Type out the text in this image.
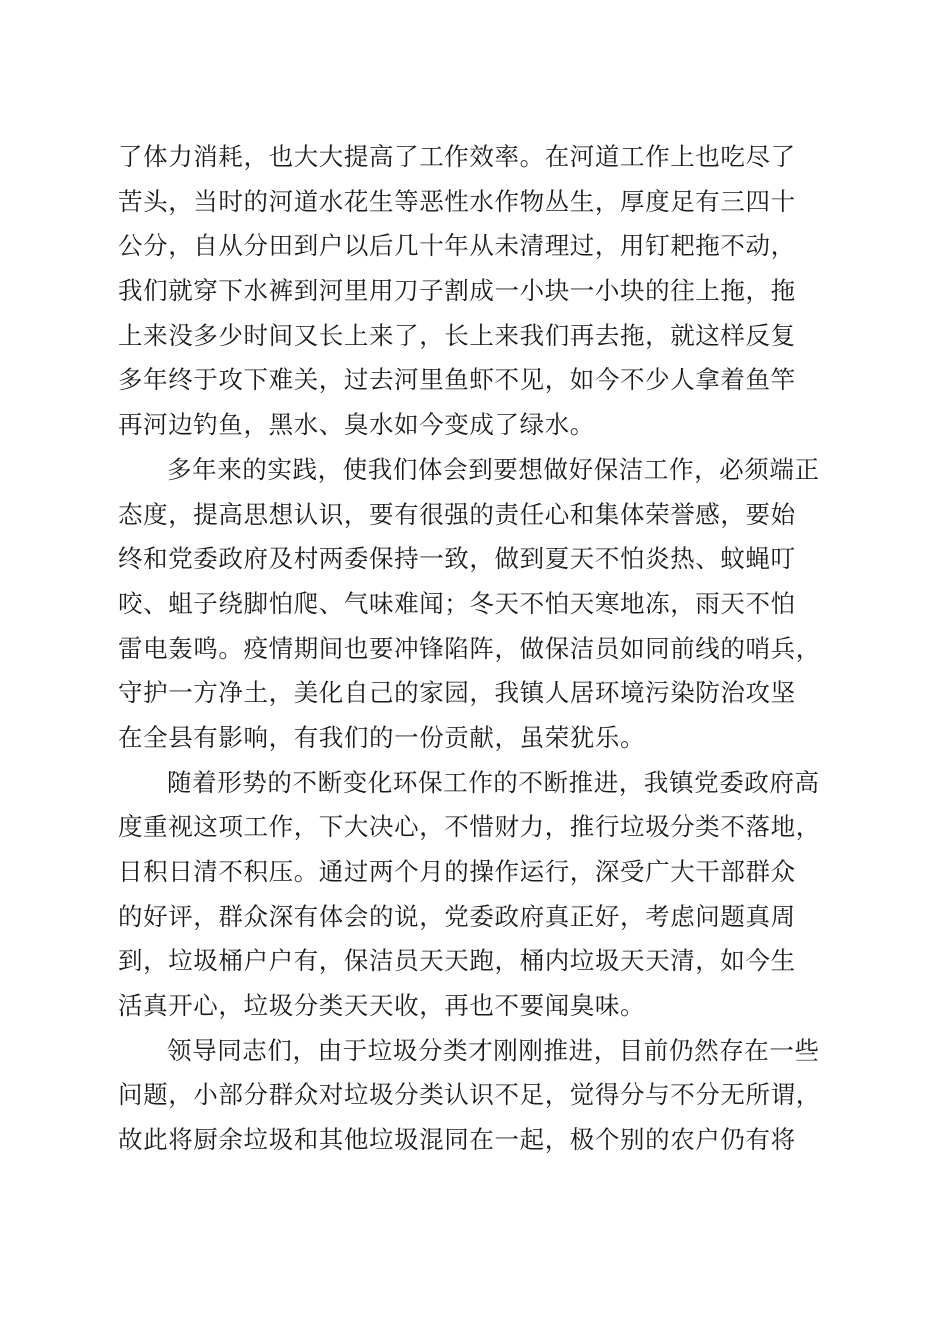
了体力消耗，也大大提高了工作效率。在河道工作上也吃尽了
苦头，当时的河道水花生等恶性水作物丛生，厚度足有三四十
公分，自从分田到户以后几十年从未清理过，用钉耙拖不动，
我们就穿下水裤到河里用刀子割成一小块一小块的往上拖，拖
上来没多少时间又长上来了，长上来我们再去拖，就这样反复
多年终于攻下难关，过去河里鱼虾不见，如今不少人拿着鱼竿
再河边钓鱼，黑水、臭水如今变成了绿水。
多年来的实践，使我们体会到要想做好保洁工作，必须端正
态度，提高思想认识，要有很强的责任心和集体荣誉感，要始
终和党委政府及村两委保持一致，做到夏天不怕炎热、蚊蝇叮
咬、蛆子绕脚怕爬、气味难闻；冬天不怕天寒地冻，雨天不怕
雷电轰鸣。疫情期间也要冲锋陷阵，做保洁员如同前线的哨兵，
守护一方净土，美化自己的家园，我镇人居环境污染防治攻坚
在全县有影响，有我们的一份贡献，虽荣犹乐。
随着形势的不断变化环保工作的不断推进，我镇党委政府高
度重视这项工作，下大决心，不惜财力，推行垃圾分类不落地，
日积日清不积压。通过两个月的操作运行，深受广大干部群众
的好评，群众深有体会的说，党委政府真正好，考虑问题真周
到，垃圾桶户户有，保洁员天天跑，桶内垃圾天天清，如今生
活真开心，垃圾分类天天收，再也不要闻臭味。
领导同志们，由于垃圾分类才刚刚推进，目前仍然存在一些
问题，小部分群众对垃圾分类认识不足，觉得分与不分无所谓，
故此将厨余垃圾和其他垃圾混同在一起，极个别的农户仍有将
